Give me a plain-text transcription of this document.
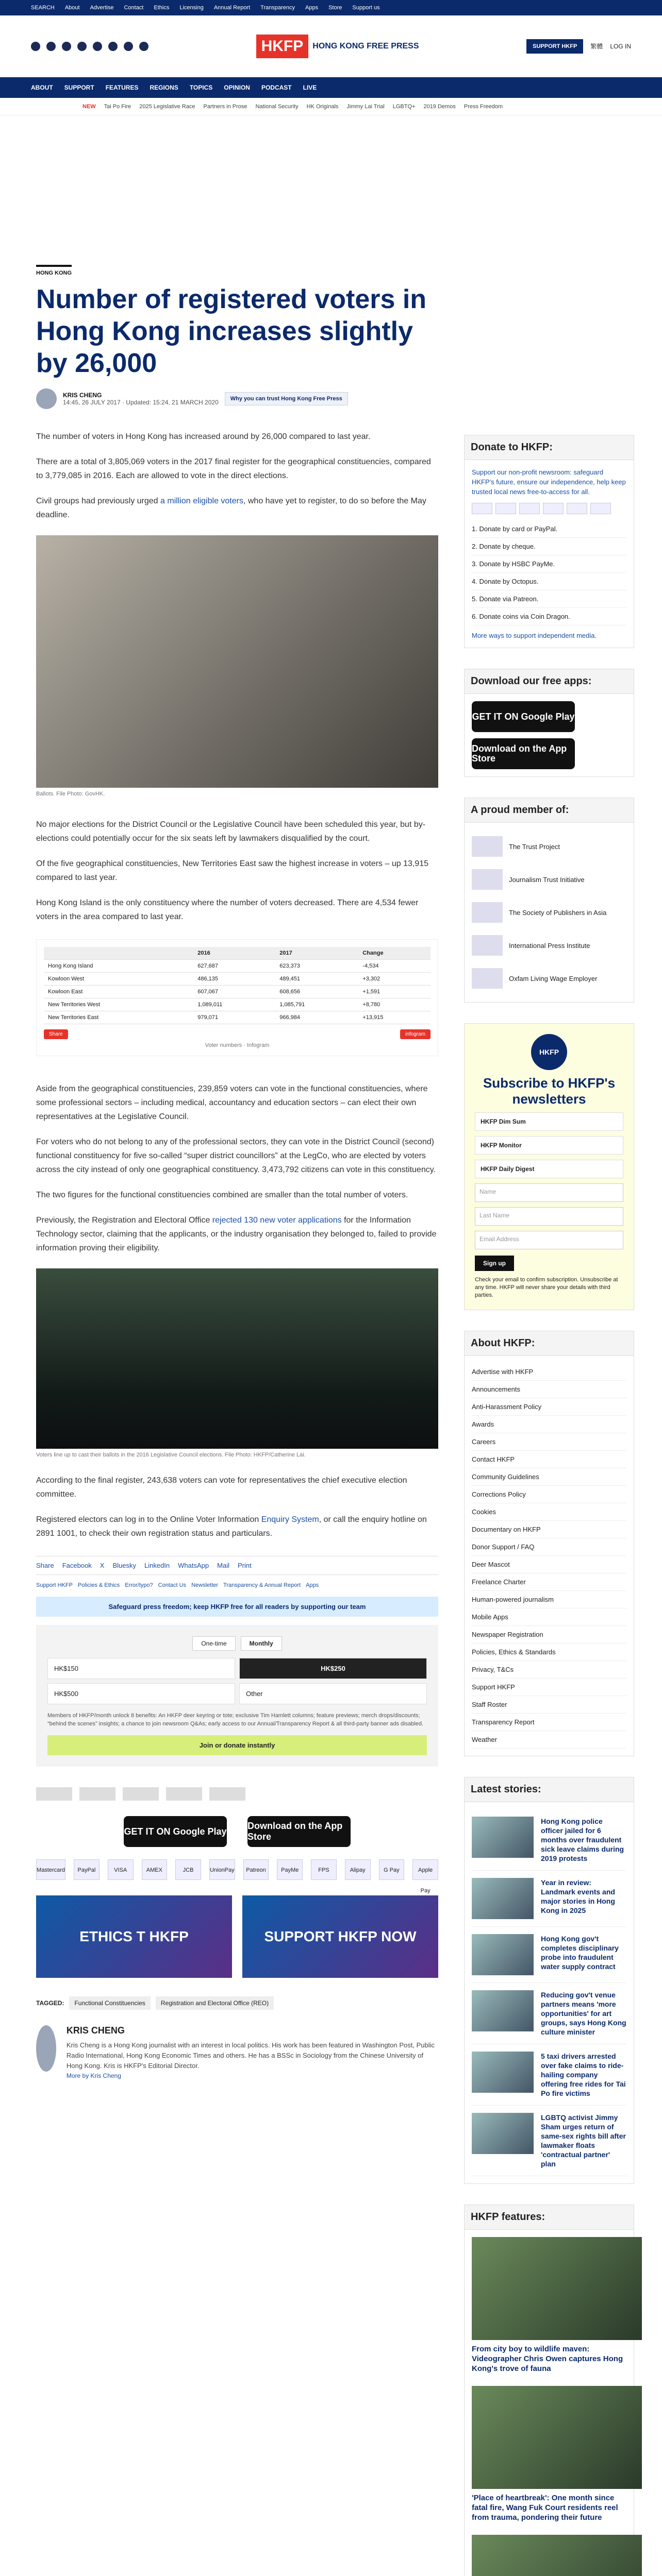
SEARCH About Advertise Contact Ethics Licensing Annual Report Transparency Apps Store Support us
HKFP	HONG KONG FREE PRESS	SUPPORT HKFP	繁體 LOG IN
ABOUT SUPPORT FEATURES REGIONS TOPICS OPINION PODCAST LIVE
NEW Tai Po Fire 2025 Legislative Race Partners in Prose National Security HK Originals Jimmy Lai Trial LGBTQ+ 2019 Demos Press Freedom
HONG KONG
Number of registered voters in Hong Kong increases slightly by 26,000
KRIS CHENG
14:45, 26 JULY 2017 · Updated: 15:24, 21 MARCH 2020	Why you can trust Hong Kong Free Press

The number of voters in Hong Kong has increased around by 26,000 compared to last year.

There are a total of 3,805,069 voters in the 2017 final register for the geographical constituencies, compared to 3,779,085 in 2016. Each are allowed to vote in the direct elections.

Civil groups had previously urged a million eligible voters, who have yet to register, to do so before the May deadline.

Ballots. File Photo: GovHK.

No major elections for the District Council or the Legislative Council have been scheduled this year, but by-elections could potentially occur for the six seats left by lawmakers disqualified by the court.

Of the five geographical constituencies, New Territories East saw the highest increase in voters – up 13,915 compared to last year.

Hong Kong Island is the only constituency where the number of voters decreased. There are 4,534 fewer voters in the area compared to last year.

	2016	2017	Change
Hong Kong Island	627,687	623,373	-4,534
Kowloon West	486,135	489,451	+3,302
Kowloon East	607,067	608,656	+1,591
New Territories West	1,089,011	1,085,791	+8,780
New Territories East	979,071	966,984	+13,915
Share	infogram
Voter numbers · Infogram

Aside from the geographical constituencies, 239,859 voters can vote in the functional constituencies, where some professional sectors – including medical, accountancy and education sectors – can elect their own representatives at the Legislative Council.

For voters who do not belong to any of the professional sectors, they can vote in the District Council (second) functional constituency for five so-called “super district councillors” at the LegCo, who are elected by voters across the city instead of only one geographical constituency. 3,473,792 citizens can vote in this constituency.

The two figures for the functional constituencies combined are smaller than the total number of voters.

Previously, the Registration and Electoral Office rejected 130 new voter applications for the Information Technology sector, claiming that the applicants, or the industry organisation they belonged to, failed to provide information proving their eligibility.

Voters line up to cast their ballots in the 2016 Legislative Council elections. File Photo: HKFP/Catherine Lai.

According to the final register, 243,638 voters can vote for representatives the chief executive election committee.

Registered electors can log in to the Online Voter Information Enquiry System, or call the enquiry hotline on 2891 1001, to check their own registration status and particulars.

Share Facebook X Bluesky LinkedIn WhatsApp Mail Print
Support HKFP Policies & Ethics Error/typo? Contact Us Newsletter Transparency & Annual Report Apps
Safeguard press freedom; keep HKFP free for all readers by supporting our team
One-time	Monthly
HK$150	HK$250
HK$500	Other

Members of HKFP/month unlock 8 benefits: An HKFP deer keyring or tote; exclusive Tim Hamlett columns; feature previews; merch drops/discounts; “behind the scenes” insights; a chance to join newsroom Q&As; early access to our Annual/Transparency Report & all third-party banner ads disabled.

Join or donate instantly
GET IT ON Google Play
Download on the App Store
Mastercard	PayPal	VISA	AMEX	JCB	UnionPay	Patreon	PayMe	FPS	Alipay	G Pay	Apple Pay
ETHICS T HKFP	SUPPORT HKFP NOW
TAGGED:	Functional Constituencies	Registration and Electoral Office (REO)
KRIS CHENG

Kris Cheng is a Hong Kong journalist with an interest in local politics. His work has been featured in Washington Post, Public Radio International, Hong Kong Economic Times and others. He has a BSSc in Sociology from the Chinese University of Hong Kong. Kris is HKFP's Editorial Director.

More by Kris Cheng
Donate to HKFP:
Support our non-profit newsroom: safeguard HKFP's future, ensure our independence, help keep trusted local news free-to-access for all.
1. Donate by card or PayPal.
2. Donate by cheque.
3. Donate by HSBC PayMe.
4. Donate by Octopus.
5. Donate via Patreon.
6. Donate coins via Coin Dragon.
More ways to support independent media.
Download our free apps:
GET IT ON Google Play
Download on the App Store
A proud member of:
The Trust Project
Journalism Trust Initiative
The Society of Publishers in Asia
International Press Institute
Oxfam Living Wage Employer
HKFP
Subscribe to HKFP's newsletters
HKFP Dim Sum
HKFP Monitor
HKFP Daily Digest
Name
Last Name
Email Address
Sign up

Check your email to confirm subscription. Unsubscribe at any time. HKFP will never share your details with third parties.

About HKFP:
Advertise with HKFP
Announcements
Anti-Harassment Policy
Awards
Careers
Contact HKFP
Community Guidelines
Corrections Policy
Cookies
Documentary on HKFP
Donor Support / FAQ
Deer Mascot
Freelance Charter
Human-powered journalism
Mobile Apps
Newspaper Registration
Policies, Ethics & Standards
Privacy, T&Cs
Support HKFP
Staff Roster
Transparency Report
Weather
Latest stories:
Hong Kong police officer jailed for 6 months over fraudulent sick leave claims during 2019 protests
Year in review: Landmark events and major stories in Hong Kong in 2025
Hong Kong gov't completes disciplinary probe into fraudulent water supply contract
Reducing gov't venue partners means 'more opportunities' for art groups, says Hong Kong culture minister
5 taxi drivers arrested over fake claims to ride-hailing company offering free rides for Tai Po fire victims
LGBTQ activist Jimmy Sham urges return of same-sex rights bill after lawmaker floats 'contractual partner' plan
HKFP features:
From city boy to wildlife maven: Videographer Chris Owen captures Hong Kong's trove of fauna
'Place of heartbreak': One month since fatal fire, Wang Fuk Court residents reel from trauma, pondering their future
